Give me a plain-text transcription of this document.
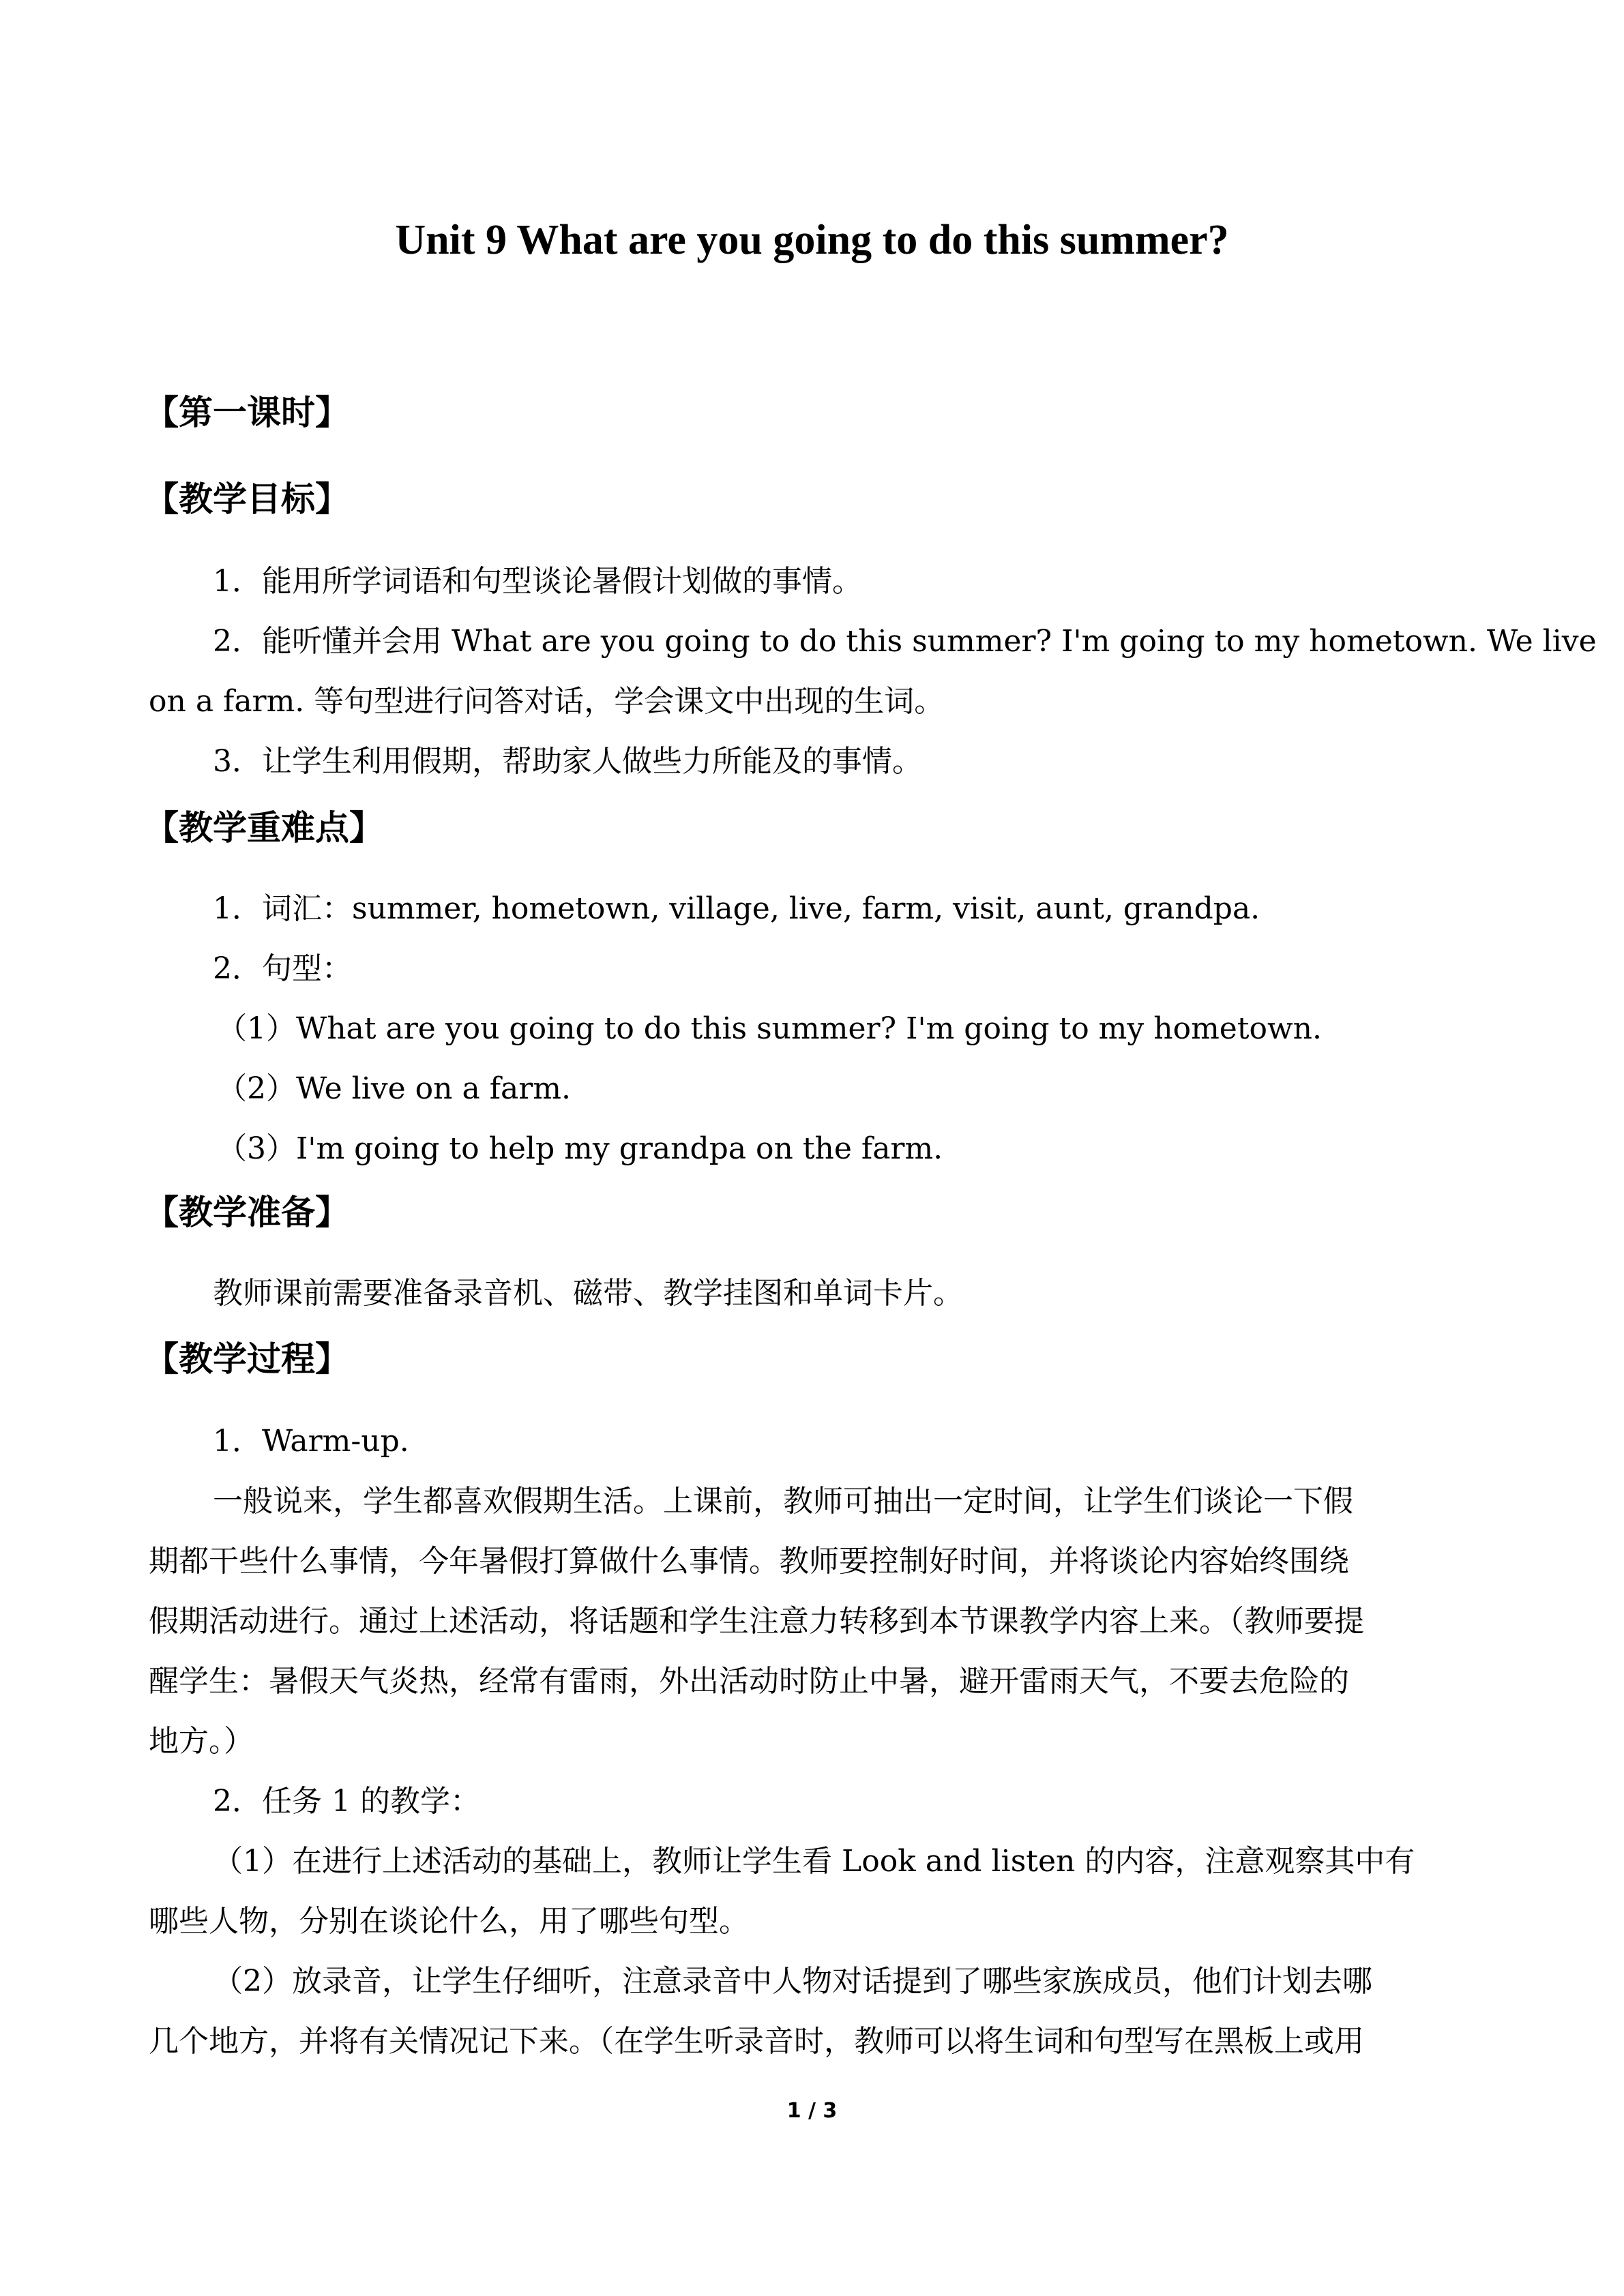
Unit 9 What are you going to do this summer?

【第一课时】

【教学目标】

1．能用所学词语和句型谈论暑假计划做的事情。

2．能听懂并会用 What are you going to do this summer? I'm going to my hometown. We live

on a farm. 等句型进行问答对话，学会课文中出现的生词。

3．让学生利用假期，帮助家人做些力所能及的事情。

【教学重难点】

1．词汇：summer, hometown, village, live, farm, visit, aunt, grandpa.

2．句型：

（1）What are you going to do this summer? I'm going to my hometown.

（2）We live on a farm.

（3）I'm going to help my grandpa on the farm.

【教学准备】

教师课前需要准备录音机、磁带、教学挂图和单词卡片。

【教学过程】

1．Warm-up.

一般说来，学生都喜欢假期生活。上课前，教师可抽出一定时间，让学生们谈论一下假

期都干些什么事情，今年暑假打算做什么事情。教师要控制好时间，并将谈论内容始终围绕

假期活动进行。通过上述活动，将话题和学生注意力转移到本节课教学内容上来。（教师要提

醒学生：暑假天气炎热，经常有雷雨，外出活动时防止中暑，避开雷雨天气，不要去危险的

地方。）

2．任务 1 的教学：

（1）在进行上述活动的基础上，教师让学生看 Look and listen 的内容，注意观察其中有

哪些人物，分别在谈论什么，用了哪些句型。

（2）放录音，让学生仔细听，注意录音中人物对话提到了哪些家族成员，他们计划去哪

几个地方，并将有关情况记下来。（在学生听录音时，教师可以将生词和句型写在黑板上或用

1 / 3
